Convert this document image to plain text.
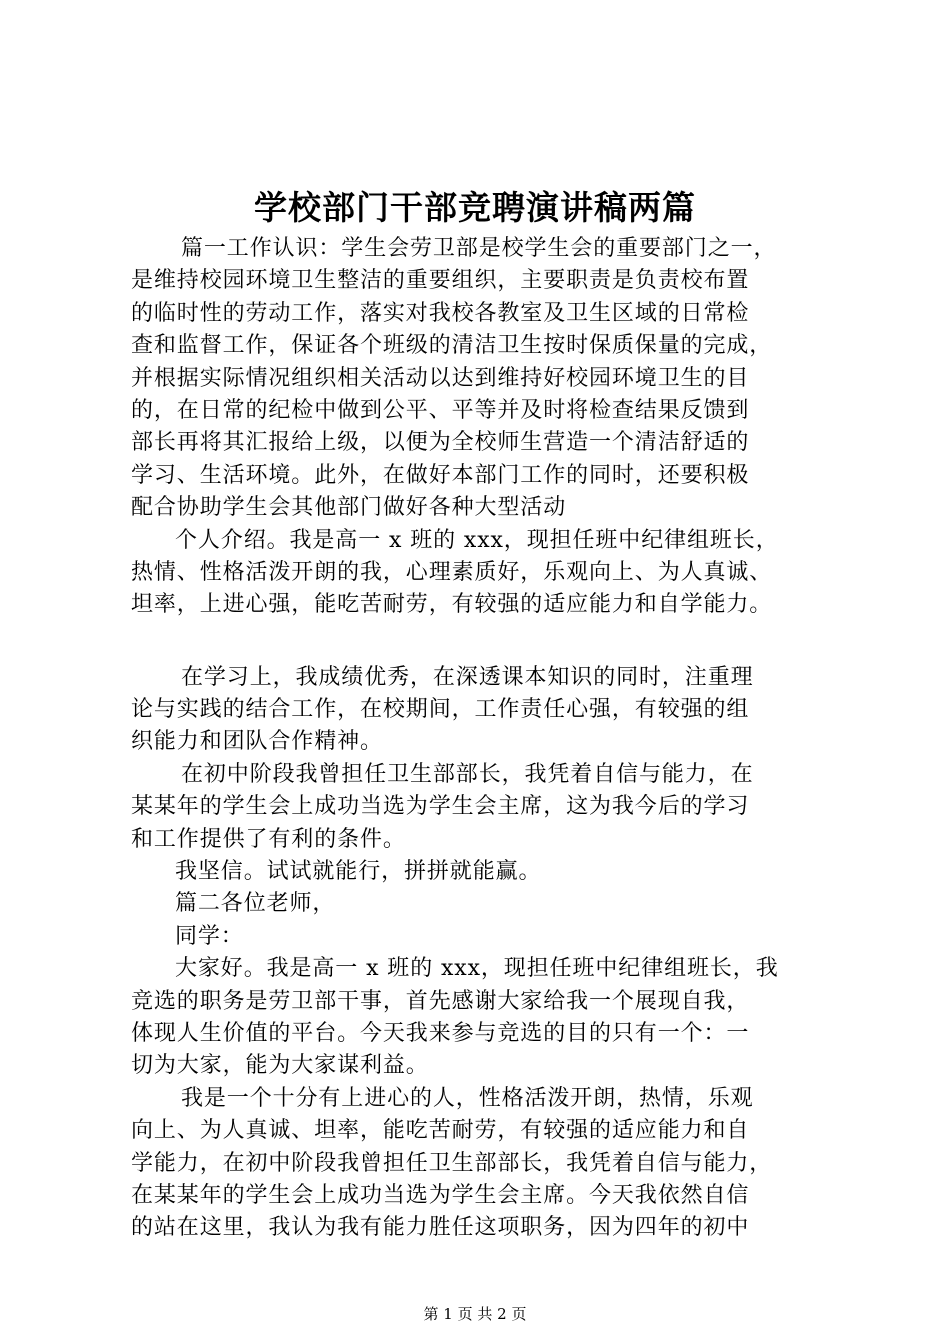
学校部门干部竞聘演讲稿两篇
篇一工作认识：学生会劳卫部是校学生会的重要部门之一，
是维持校园环境卫生整洁的重要组织，主要职责是负责校布置
的临时性的劳动工作，落实对我校各教室及卫生区域的日常检
查和监督工作，保证各个班级的清洁卫生按时保质保量的完成，
并根据实际情况组织相关活动以达到维持好校园环境卫生的目
的，在日常的纪检中做到公平、平等并及时将检查结果反馈到
部长再将其汇报给上级，以便为全校师生营造一个清洁舒适的
学习、生活环境。此外，在做好本部门工作的同时，还要积极
配合协助学生会其他部门做好各种大型活动
个人介绍。我是高一 x 班的 xxx，现担任班中纪律组班长，
热情、性格活泼开朗的我，心理素质好，乐观向上、为人真诚、
坦率，上进心强，能吃苦耐劳，有较强的适应能力和自学能力。
在学习上，我成绩优秀，在深透课本知识的同时，注重理
论与实践的结合工作，在校期间，工作责任心强，有较强的组
织能力和团队合作精神。
在初中阶段我曾担任卫生部部长，我凭着自信与能力，在
某某年的学生会上成功当选为学生会主席，这为我今后的学习
和工作提供了有利的条件。
我坚信。试试就能行，拼拼就能赢。
篇二各位老师，
同学：
大家好。我是高一 x 班的 xxx，现担任班中纪律组班长，我
竞选的职务是劳卫部干事，首先感谢大家给我一个展现自我，
体现人生价值的平台。今天我来参与竞选的目的只有一个：一
切为大家，能为大家谋利益。
我是一个十分有上进心的人，性格活泼开朗，热情，乐观
向上、为人真诚、坦率，能吃苦耐劳，有较强的适应能力和自
学能力，在初中阶段我曾担任卫生部部长，我凭着自信与能力，
在某某年的学生会上成功当选为学生会主席。今天我依然自信
的站在这里，我认为我有能力胜任这项职务，因为四年的初中
第 1 页 共 2 页
